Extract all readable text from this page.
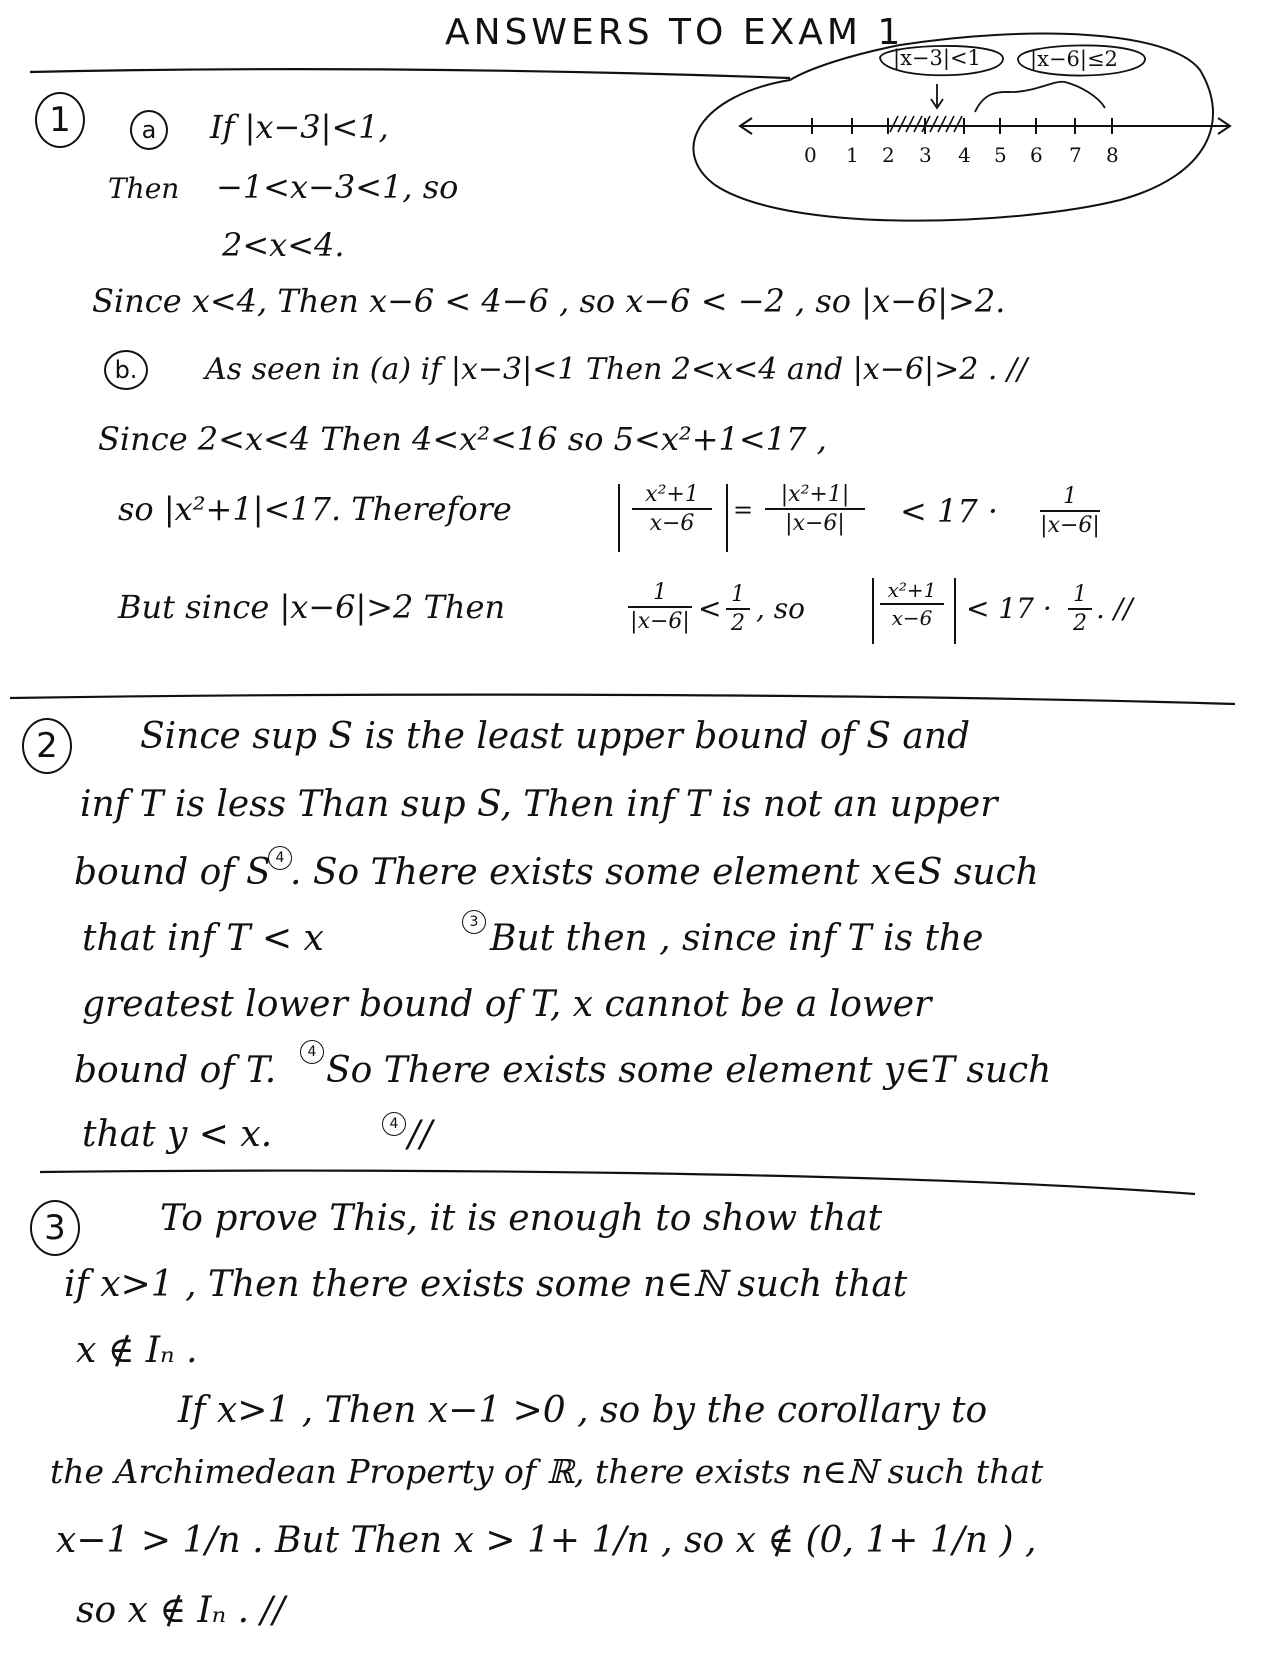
ANSWERS TO EXAM 1
|x−3|<1 |x−6|≤2
0 1 2 3 4 5 6 7 8
1	a	If |x−3|<1,
Then −1<x−3<1, so
2<x<4.
Since x<4, Then x−6 < 4−6 , so x−6 < −2 , so |x−6|>2.
b.	As seen in (a) if |x−3|<1 Then 2<x<4 and |x−6|>2 . //
Since 2<x<4 Then 4<x²<16 so 5<x²+1<17 ,
so |x²+1|<17. Therefore	x²+1
x−6 =
|x²+1|
|x−6| < 17 ·	1
|x−6|
But since |x−6|>2 Then	1
|x−6| < 1
2 , so
x²+1
x−6 < 17 · 1
2 . //
2	Since sup S is the least upper bound of S and
inf T is less Than sup S, Then inf T is not an upper
bound of S 4 . So There exists some element x∈S such
that inf T < x	3 But then , since inf T is the
greatest lower bound of T, x cannot be a lower
bound of T.	4 So There exists some element y∈T such
that y < x.	4 //
3	To prove This, it is enough to show that
if x>1 , Then there exists some n∈ℕ such that
x ∉ Iₙ .
If x>1 , Then x−1 >0 , so by the corollary to
the Archimedean Property of ℝ, there exists n∈ℕ such that
x−1 > 1/n . But Then x > 1+ 1/n , so x ∉ (0, 1+ 1/n ) ,
so x ∉ Iₙ . //
